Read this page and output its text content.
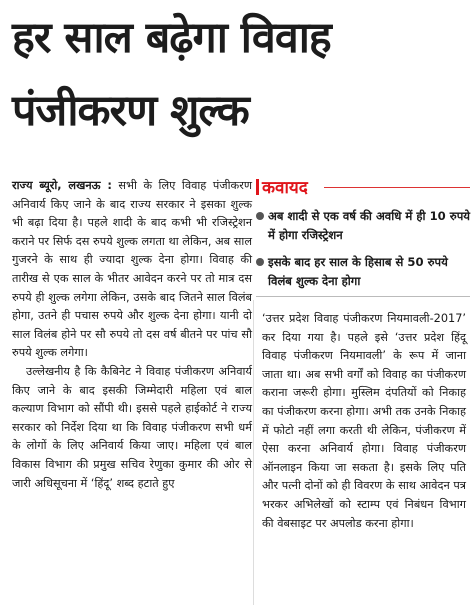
हर साल बढ़ेगा विवाह
पंजीकरण शुल्क

राज्य ब्यूरो, लखनऊ : सभी के लिए विवाह पंजीकरण अनिवार्य किए जाने के बाद राज्य सरकार ने इसका शुल्क भी बढ़ा दिया है। पहले शादी के बाद कभी भी रजिस्ट्रेशन कराने पर सिर्फ दस रुपये शुल्क लगता था लेकिन, अब साल गुजरने के साथ ही ज्यादा शुल्क देना होगा। विवाह की तारीख से एक साल के भीतर आवेदन करने पर तो मात्र दस रुपये ही शुल्क लगेगा लेकिन, उसके बाद जितने साल विलंब होगा, उतने ही पचास रुपये और शुल्क देना होगा। यानी दो साल विलंब होने पर सौ रुपये तो दस वर्ष बीतने पर पांच सौ रुपये शुल्क लगेगा।

उल्लेखनीय है कि कैबिनेट ने विवाह पंजीकरण अनिवार्य किए जाने के बाद इसकी जिम्मेदारी महिला एवं बाल कल्याण विभाग को सौंपी थी। इससे पहले हाईकोर्ट ने राज्य सरकार को निर्देश दिया था कि विवाह पंजीकरण सभी धर्म के लोगों के लिए अनिवार्य किया जाए। महिला एवं बाल विकास विभाग की प्रमुख सचिव रेणुका कुमार की ओर से जारी अधिसूचना में ‘हिंदू’ शब्द हटाते हुए

कवायद
अब शादी से एक वर्ष की अवधि में ही 10 रुपये में होगा रजिस्ट्रेशन
इसके बाद हर साल के हिसाब से 50 रुपये विलंब शुल्क देना होगा

‘उत्तर प्रदेश विवाह पंजीकरण नियमावली-2017’ कर दिया गया है। पहले इसे ‘उत्तर प्रदेश हिंदू विवाह पंजीकरण नियमावली’ के रूप में जाना जाता था। अब सभी वर्गों को विवाह का पंजीकरण कराना जरूरी होगा। मुस्लिम दंपतियों को निकाह का पंजीकरण करना होगा। अभी तक उनके निकाह में फोटो नहीं लगा करती थी लेकिन, पंजीकरण में ऐसा करना अनिवार्य होगा। विवाह पंजीकरण ऑनलाइन किया जा सकता है। इसके लिए पति और पत्नी दोनों को ही विवरण के साथ आवेदन पत्र भरकर अभिलेखों को स्टाम्प एवं निबंधन विभाग की वेबसाइट पर अपलोड करना होगा।
